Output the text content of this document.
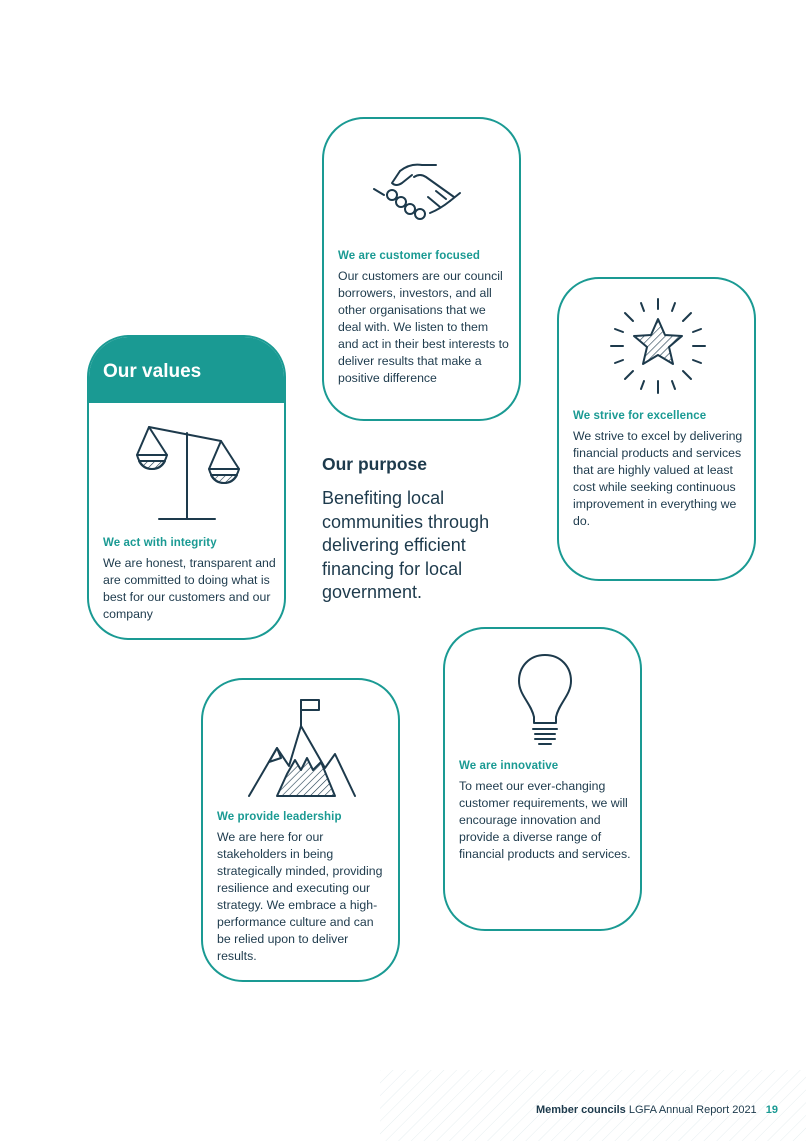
We are customer focused

Our customers are our council borrowers, investors, and all other organisations that we deal with. We listen to them and act in their best interests to deliver results that make a positive difference

We strive for excellence

We strive to excel by delivering financial products and services that are highly valued at least cost while seeking continuous improvement in everything we do.

Our values
We act with integrity

We are honest, transparent and are committed to doing what is best for our customers and our company

Our purpose

Benefiting local communities through delivering efficient financing for local government.

We are innovative

To meet our ever-changing customer requirements, we will encourage innovation and provide a diverse range of financial products and services.

We provide leadership

We are here for our stakeholders in being strategically minded, providing resilience and executing our strategy. We embrace a high-performance culture and can be relied upon to deliver results.

Member councils LGFA Annual Report 2021 19
